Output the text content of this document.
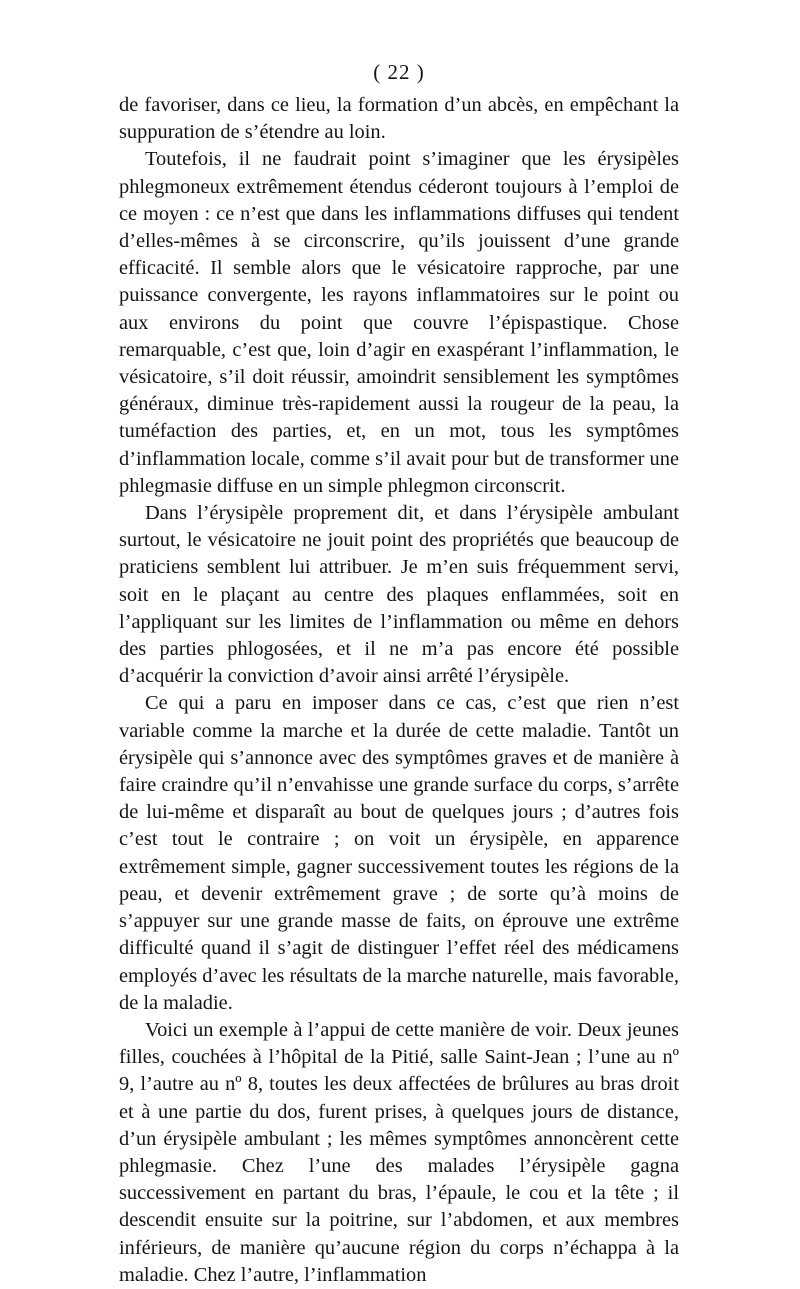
( 22 )

de favoriser, dans ce lieu, la formation d’un abcès, en empêchant la suppuration de s’étendre au loin.

Toutefois, il ne faudrait point s’imaginer que les érysipèles phlegmoneux extrêmement étendus céderont toujours à l’emploi de ce moyen : ce n’est que dans les inflammations diffuses qui tendent d’elles-mêmes à se circonscrire, qu’ils jouissent d’une grande efficacité. Il semble alors que le vésicatoire rapproche, par une puissance convergente, les rayons inflammatoires sur le point ou aux environs du point que couvre l’épispastique. Chose remarquable, c’est que, loin d’agir en exaspérant l’inflammation, le vésicatoire, s’il doit réussir, amoindrit sensiblement les symptômes généraux, diminue très-rapidement aussi la rougeur de la peau, la tuméfaction des parties, et, en un mot, tous les symptômes d’inflammation locale, comme s’il avait pour but de transformer une phlegmasie diffuse en un simple phlegmon circonscrit.

Dans l’érysipèle proprement dit, et dans l’érysipèle ambulant surtout, le vésicatoire ne jouit point des propriétés que beaucoup de praticiens semblent lui attribuer. Je m’en suis fréquemment servi, soit en le plaçant au centre des plaques enflammées, soit en l’appliquant sur les limites de l’inflammation ou même en dehors des parties phlogosées, et il ne m’a pas encore été possible d’acquérir la conviction d’avoir ainsi arrêté l’érysipèle.

Ce qui a paru en imposer dans ce cas, c’est que rien n’est variable comme la marche et la durée de cette maladie. Tantôt un érysipèle qui s’annonce avec des symptômes graves et de manière à faire craindre qu’il n’envahisse une grande surface du corps, s’arrête de lui-même et disparaît au bout de quelques jours ; d’autres fois c’est tout le contraire ; on voit un érysipèle, en apparence extrêmement simple, gagner successivement toutes les régions de la peau, et devenir extrêmement grave ; de sorte qu’à moins de s’appuyer sur une grande masse de faits, on éprouve une extrême difficulté quand il s’agit de distinguer l’effet réel des médicamens employés d’avec les résultats de la marche naturelle, mais favorable, de la maladie.

Voici un exemple à l’appui de cette manière de voir. Deux jeunes filles, couchées à l’hôpital de la Pitié, salle Saint-Jean ; l’une au nº 9, l’autre au nº 8, toutes les deux affectées de brûlures au bras droit et à une partie du dos, furent prises, à quelques jours de distance, d’un érysipèle ambulant ; les mêmes symptômes annoncèrent cette phlegmasie. Chez l’une des malades l’érysipèle gagna successivement en partant du bras, l’épaule, le cou et la tête ; il descendit ensuite sur la poitrine, sur l’abdomen, et aux membres inférieurs, de manière qu’aucune région du corps n’échappa à la maladie. Chez l’autre, l’inflammation
